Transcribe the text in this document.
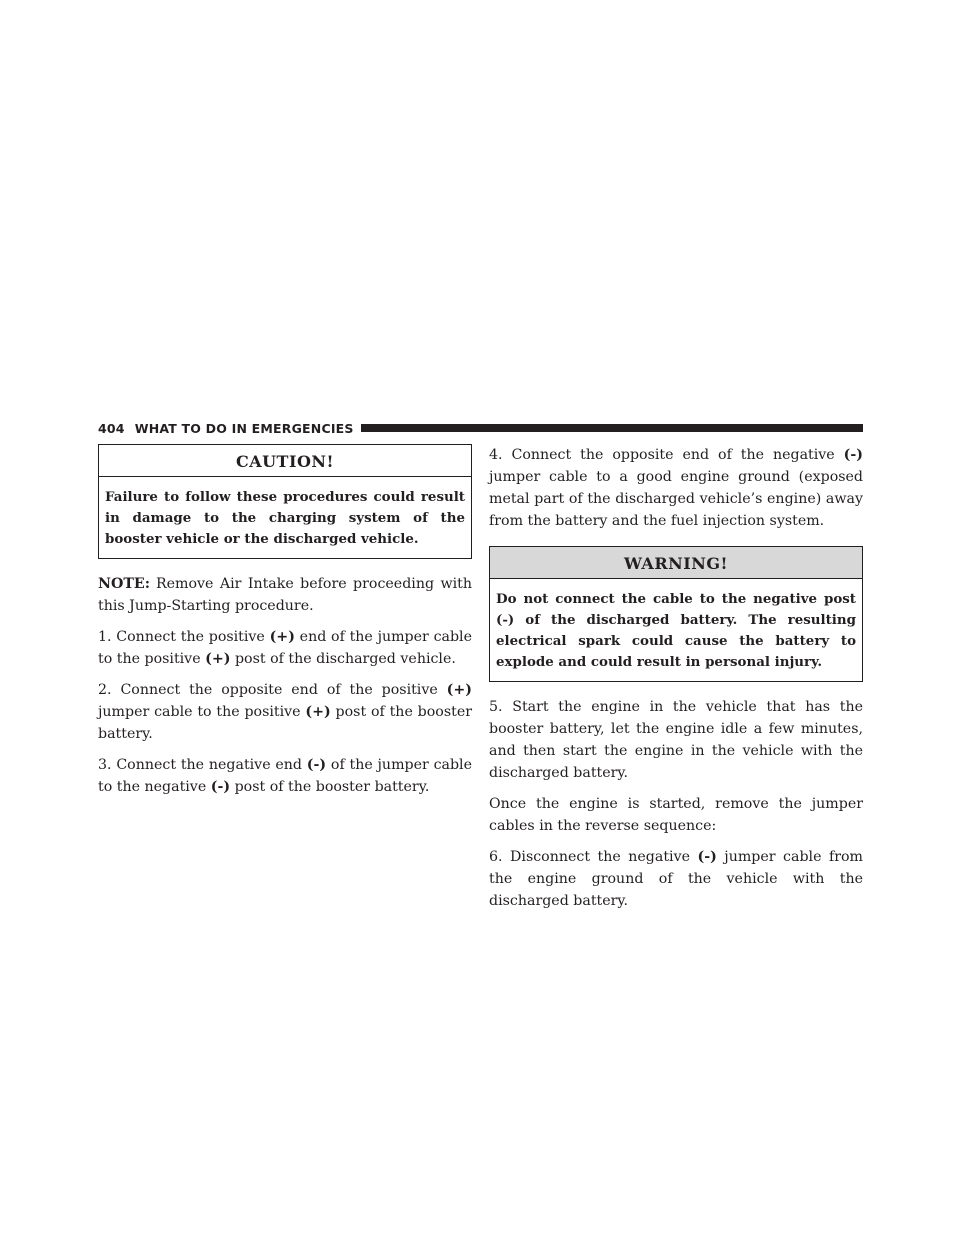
404 WHAT TO DO IN EMERGENCIES
CAUTION!
Failure to follow these procedures could result in damage to the charging system of the booster vehicle or the discharged vehicle.

NOTE: Remove Air Intake before proceeding with this Jump-Starting procedure.

1. Connect the positive (+) end of the jumper cable to the positive (+) post of the discharged vehicle.

2. Connect the opposite end of the positive (+) jumper cable to the positive (+) post of the booster battery.

3. Connect the negative end (-) of the jumper cable to the negative (-) post of the booster battery.

4. Connect the opposite end of the negative (-) jumper cable to a good engine ground (exposed metal part of the discharged vehicle’s engine) away from the battery and the fuel injection system.

WARNING!
Do not connect the cable to the negative post (-) of the discharged battery. The resulting electrical spark could cause the battery to explode and could result in personal injury.

5. Start the engine in the vehicle that has the booster battery, let the engine idle a few minutes, and then start the engine in the vehicle with the discharged battery.

Once the engine is started, remove the jumper cables in the reverse sequence:

6. Disconnect the negative (-) jumper cable from the engine ground of the vehicle with the discharged battery.
